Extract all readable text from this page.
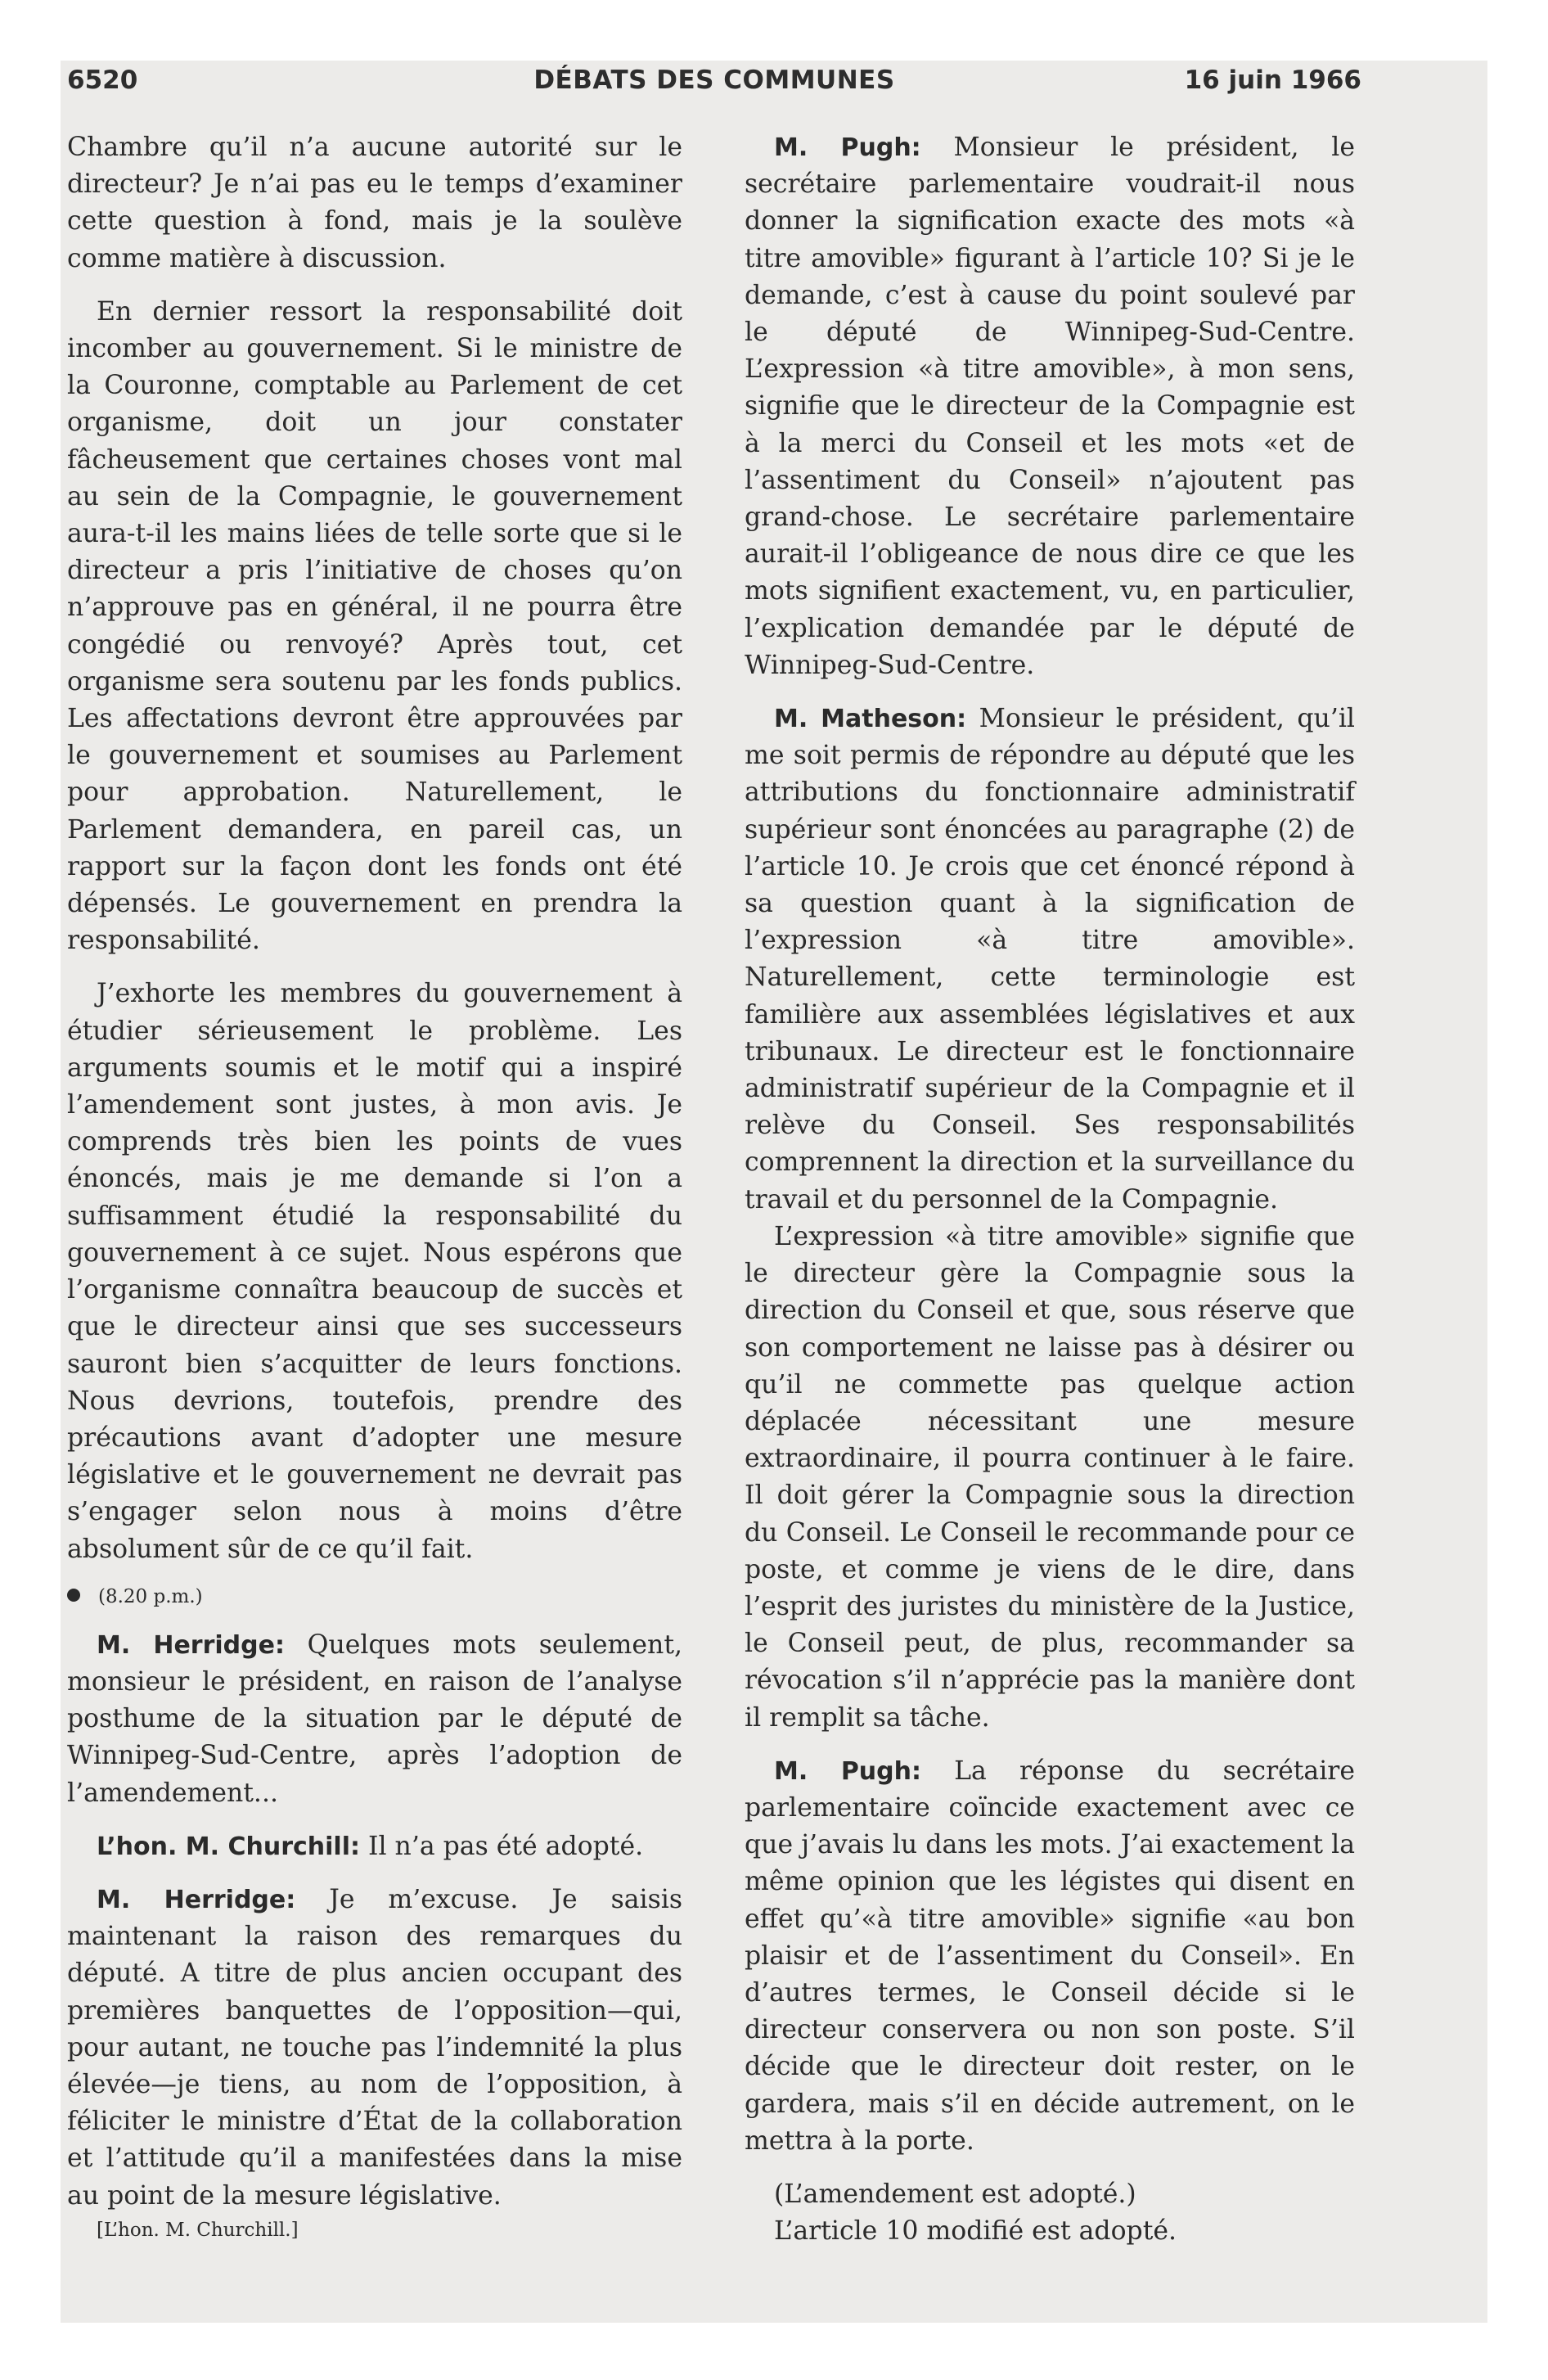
6520	DÉBATS DES COMMUNES	16 juin 1966

Chambre qu’il n’a aucune autorité sur le directeur? Je n’ai pas eu le temps d’examiner cette question à fond, mais je la soulève comme matière à discussion.

En dernier ressort la responsabilité doit incomber au gouvernement. Si le ministre de la Couronne, comptable au Parlement de cet organisme, doit un jour constater fâcheusement que certaines choses vont mal au sein de la Compagnie, le gouvernement aura-t-il les mains liées de telle sorte que si le directeur a pris l’initiative de choses qu’on n’approuve pas en général, il ne pourra être congédié ou renvoyé? Après tout, cet organisme sera soutenu par les fonds publics. Les affectations devront être approuvées par le gouvernement et soumises au Parlement pour approbation. Naturellement, le Parlement demandera, en pareil cas, un rapport sur la façon dont les fonds ont été dépensés. Le gouvernement en prendra la responsabilité.

J’exhorte les membres du gouvernement à étudier sérieusement le problème. Les arguments soumis et le motif qui a inspiré l’amendement sont justes, à mon avis. Je comprends très bien les points de vues énoncés, mais je me demande si l’on a suffisamment étudié la responsabilité du gouvernement à ce sujet. Nous espérons que l’organisme connaîtra beaucoup de succès et que le directeur ainsi que ses successeurs sauront bien s’acquitter de leurs fonctions. Nous devrions, toutefois, prendre des précautions avant d’adopter une mesure législative et le gouvernement ne devrait pas s’engager selon nous à moins d’être absolument sûr de ce qu’il fait.

(8.20 p.m.)

M. Herridge: Quelques mots seulement, monsieur le président, en raison de l’analyse posthume de la situation par le député de Winnipeg-Sud-Centre, après l’adoption de l’amendement...

L’hon. M. Churchill: Il n’a pas été adopté.

M. Herridge: Je m’excuse. Je saisis maintenant la raison des remarques du député. A titre de plus ancien occupant des premières banquettes de l’opposition—qui, pour autant, ne touche pas l’indemnité la plus élevée—je tiens, au nom de l’opposition, à féliciter le ministre d’État de la collaboration et l’attitude qu’il a manifestées dans la mise au point de la mesure législative.

[L’hon. M. Churchill.]

M. Pugh: Monsieur le président, le secrétaire parlementaire voudrait-il nous donner la signification exacte des mots «à titre amovible» figurant à l’article 10? Si je le demande, c’est à cause du point soulevé par le député de Winnipeg-Sud-Centre. L’expression «à titre amovible», à mon sens, signifie que le directeur de la Compagnie est à la merci du Conseil et les mots «et de l’assentiment du Conseil» n’ajoutent pas grand-chose. Le secrétaire parlementaire aurait-il l’obligeance de nous dire ce que les mots signifient exactement, vu, en particulier, l’explication demandée par le député de Winnipeg-Sud-Centre.

M. Matheson: Monsieur le président, qu’il me soit permis de répondre au député que les attributions du fonctionnaire administratif supérieur sont énoncées au paragraphe (2) de l’article 10. Je crois que cet énoncé répond à sa question quant à la signification de l’expression «à titre amovible». Naturellement, cette terminologie est familière aux assemblées législatives et aux tribunaux. Le directeur est le fonctionnaire administratif supérieur de la Compagnie et il relève du Conseil. Ses responsabilités comprennent la direction et la surveillance du travail et du personnel de la Compagnie.

L’expression «à titre amovible» signifie que le directeur gère la Compagnie sous la direction du Conseil et que, sous réserve que son comportement ne laisse pas à désirer ou qu’il ne commette pas quelque action déplacée nécessitant une mesure extraordinaire, il pourra continuer à le faire. Il doit gérer la Compagnie sous la direction du Conseil. Le Conseil le recommande pour ce poste, et comme je viens de le dire, dans l’esprit des juristes du ministère de la Justice, le Conseil peut, de plus, recommander sa révocation s’il n’apprécie pas la manière dont il remplit sa tâche.

M. Pugh: La réponse du secrétaire parlementaire coïncide exactement avec ce que j’avais lu dans les mots. J’ai exactement la même opinion que les légistes qui disent en effet qu’«à titre amovible» signifie «au bon plaisir et de l’assentiment du Conseil». En d’autres termes, le Conseil décide si le directeur conservera ou non son poste. S’il décide que le directeur doit rester, on le gardera, mais s’il en décide autrement, on le mettra à la porte.

(L’amendement est adopté.)

L’article 10 modifié est adopté.
